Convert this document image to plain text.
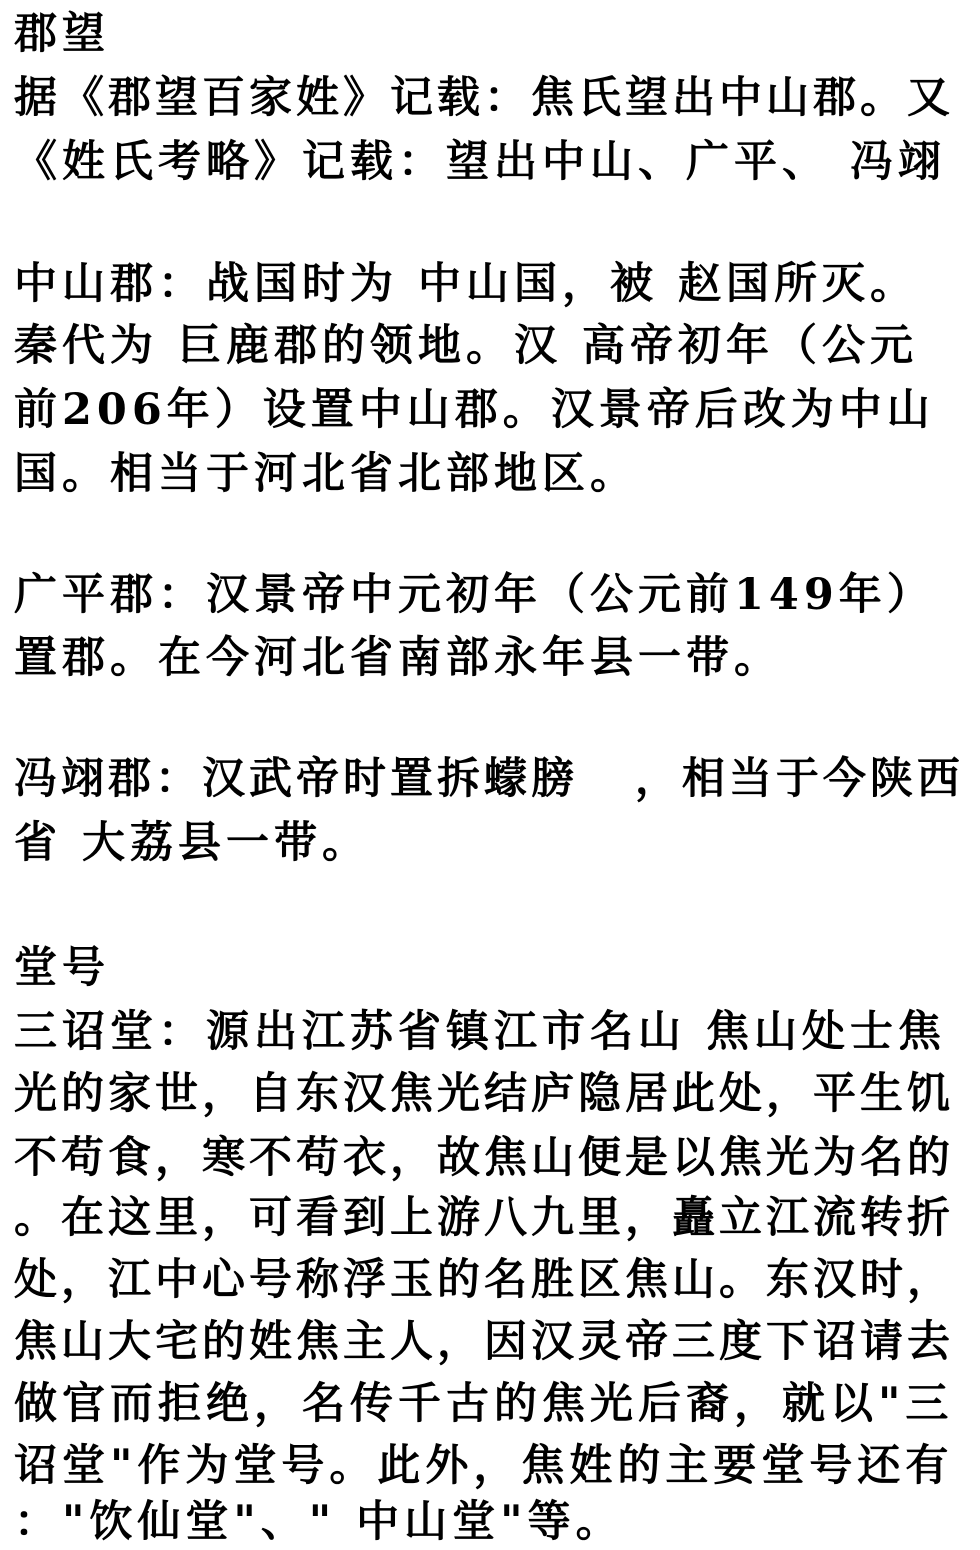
郡望
据《郡望百家姓》记载：焦氏望出中山郡。又
《姓氏考略》记载：望出中山、广平、 冯翊
中山郡：战国时为 中山国，被 赵国所灭。
秦代为 巨鹿郡的领地。汉 高帝初年（公元
前206年）设置中山郡。汉景帝后改为中山
国。相当于河北省北部地区。
广平郡：汉景帝中元初年（公元前149年）
置郡。在今河北省南部永年县一带。
冯翊郡：汉武帝时置拆蠓膀   ，相当于今陕西
省 大荔县一带。
堂号
三诏堂：源出江苏省镇江市名山 焦山处士焦
光的家世，自东汉焦光结庐隐居此处，平生饥
不苟食，寒不苟衣，故焦山便是以焦光为名的
。在这里，可看到上游八九里，矗立江流转折
处，江中心号称浮玉的名胜区焦山。东汉时，
焦山大宅的姓焦主人，因汉灵帝三度下诏请去
做官而拒绝，名传千古的焦光后裔，就以"三
诏堂"作为堂号。此外，焦姓的主要堂号还有
："饮仙堂"、" 中山堂"等。
